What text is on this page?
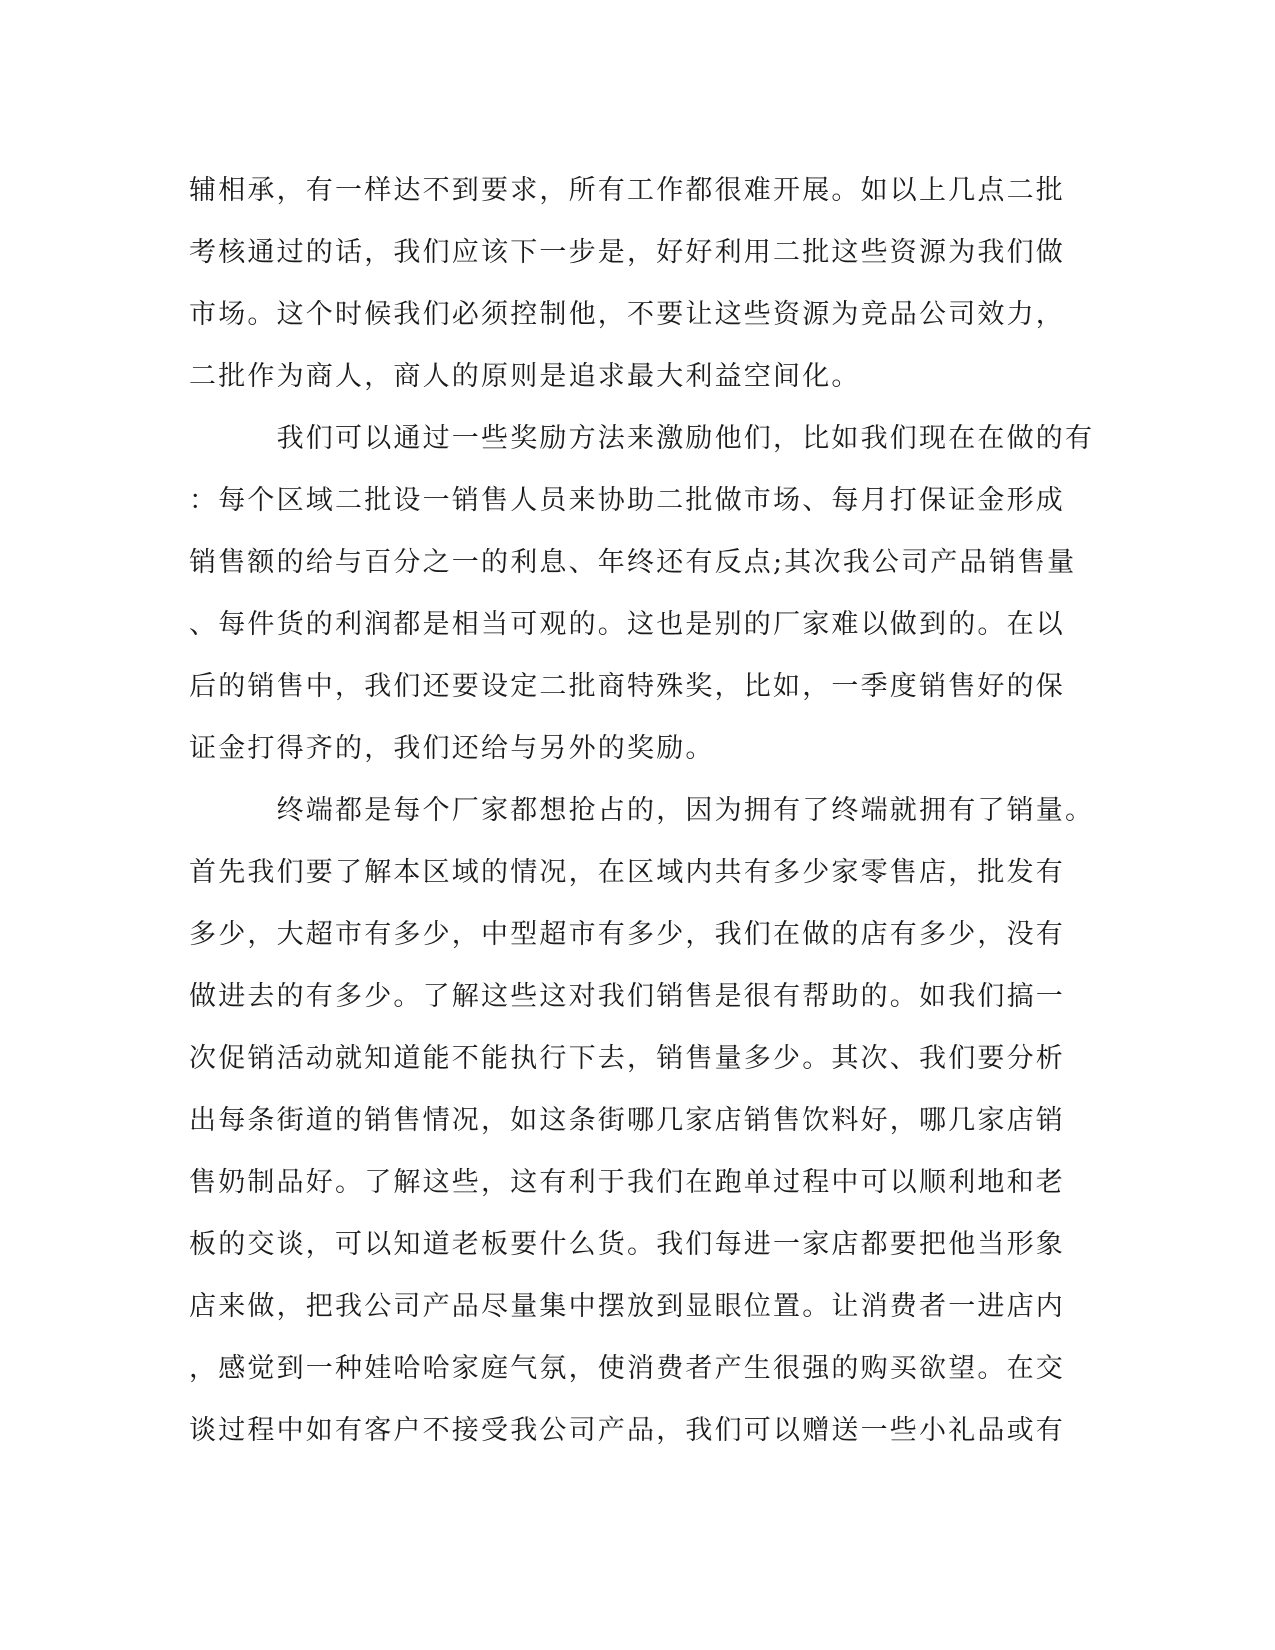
辅相承，有一样达不到要求，所有工作都很难开展。如以上几点二批
考核通过的话，我们应该下一步是，好好利用二批这些资源为我们做
市场。这个时候我们必须控制他，不要让这些资源为竞品公司效力，
二批作为商人，商人的原则是追求最大利益空间化。
　　　我们可以通过一些奖励方法来激励他们，比如我们现在在做的有
：每个区域二批设一销售人员来协助二批做市场、每月打保证金形成
销售额的给与百分之一的利息、年终还有反点;其次我公司产品销售量
、每件货的利润都是相当可观的。这也是别的厂家难以做到的。在以
后的销售中，我们还要设定二批商特殊奖，比如，一季度销售好的保
证金打得齐的，我们还给与另外的奖励。
　　　终端都是每个厂家都想抢占的，因为拥有了终端就拥有了销量。
首先我们要了解本区域的情况，在区域内共有多少家零售店，批发有
多少，大超市有多少，中型超市有多少，我们在做的店有多少，没有
做进去的有多少。了解这些这对我们销售是很有帮助的。如我们搞一
次促销活动就知道能不能执行下去，销售量多少。其次、我们要分析
出每条街道的销售情况，如这条街哪几家店销售饮料好，哪几家店销
售奶制品好。了解这些，这有利于我们在跑单过程中可以顺利地和老
板的交谈，可以知道老板要什么货。我们每进一家店都要把他当形象
店来做，把我公司产品尽量集中摆放到显眼位置。让消费者一进店内
，感觉到一种娃哈哈家庭气氛，使消费者产生很强的购买欲望。在交
谈过程中如有客户不接受我公司产品，我们可以赠送一些小礼品或有
